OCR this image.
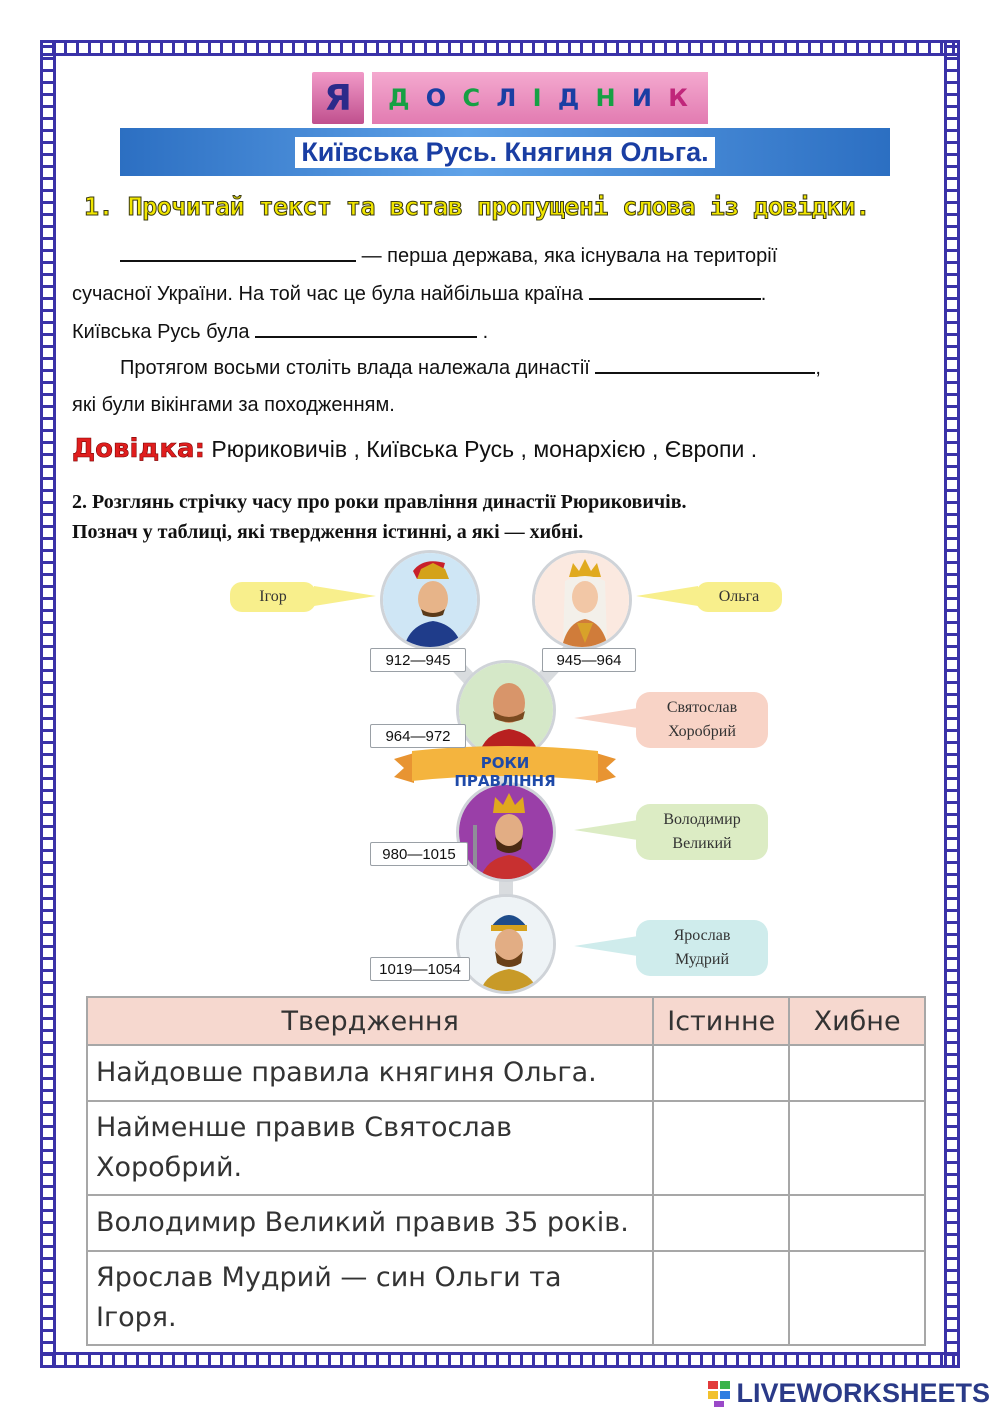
Я	Д О С Л І Д Н И К
Київська Русь. Княгиня Ольга.
1. Прочитай текст та встав пропущені слова із довідки.
— перша держава, яка існувала на території
сучасної України. На той час це була найбільша країна	.
Київська Русь була	.
Протягом восьми століть влада належала династії	,
які були вікінгами за походженням.
Довідка: Рюриковичів , Київська Русь , монархією , Європи .
2. Розглянь стрічку часу про роки правління династії Рюриковичів.
Познач у таблиці, які твердження істинні, а які — хибні.
РОКИ ПРАВЛІННЯ
912—945	945—964
964—972
980—1015
1019—1054
Ігор	Ольга
Святослав
Хоробрий
Володимир
Великий
Ярослав
Мудрий
Твердження	Істинне	Хибне
Найдовше правила княгиня Ольга.		

Найменше правив Святослав
Хоробрий.		

Володимир Великий правив 35 років.		

Ярослав Мудрий — син Ольги та
Ігоря.		

LIVEWORKSHEETS
